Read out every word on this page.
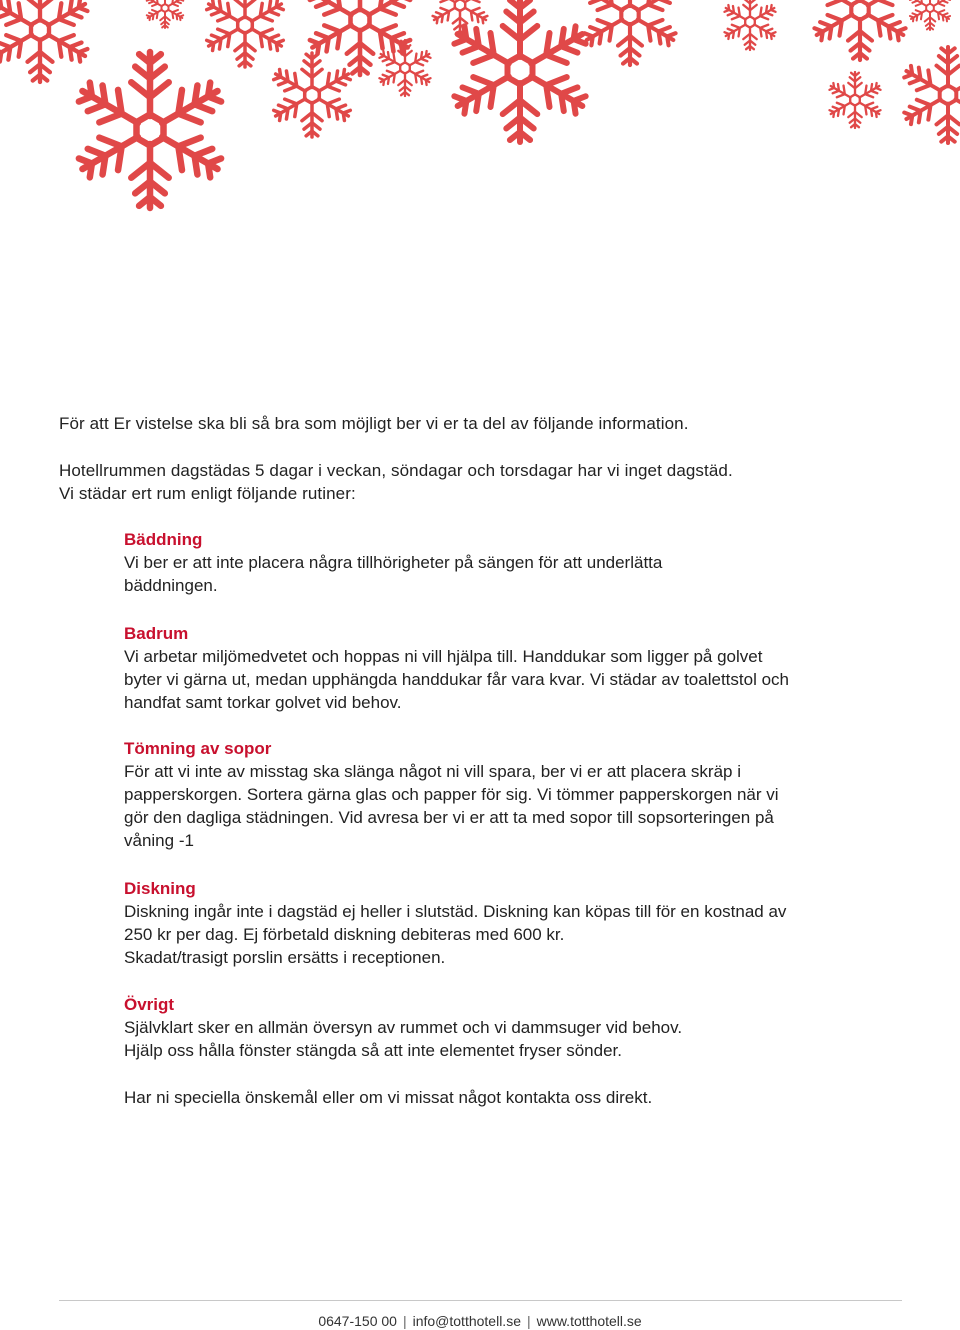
För att Er vistelse ska bli så bra som möjligt ber vi er ta del av följande information.

Hotellrummen dagstädas 5 dagar i veckan, söndagar och torsdagar har vi inget dagstäd.

Vi städar ert rum enligt följande rutiner:

Bäddning

Vi ber er att inte placera några tillhörigheter på sängen för att underlätta

bäddningen.

Badrum

Vi arbetar miljömedvetet och hoppas ni vill hjälpa till. Handdukar som ligger på golvet

byter vi gärna ut, medan upphängda handdukar får vara kvar. Vi städar av toalettstol och

handfat samt torkar golvet vid behov.

Tömning av sopor

För att vi inte av misstag ska slänga något ni vill spara, ber vi er att placera skräp i

papperskorgen. Sortera gärna glas och papper för sig. Vi tömmer papperskorgen när vi

gör den dagliga städningen. Vid avresa ber vi er att ta med sopor till sopsorteringen på

våning -1

Diskning

Diskning ingår inte i dagstäd ej heller i slutstäd. Diskning kan köpas till för en kostnad av

250 kr per dag. Ej förbetald diskning debiteras med 600 kr.

Skadat/trasigt porslin ersätts i receptionen.

Övrigt

Självklart sker en allmän översyn av rummet och vi dammsuger vid behov.

Hjälp oss hålla fönster stängda så att inte elementet fryser sönder.

Har ni speciella önskemål eller om vi missat något kontakta oss direkt.

0647-150 00 | info@totthotell.se | www.totthotell.se
